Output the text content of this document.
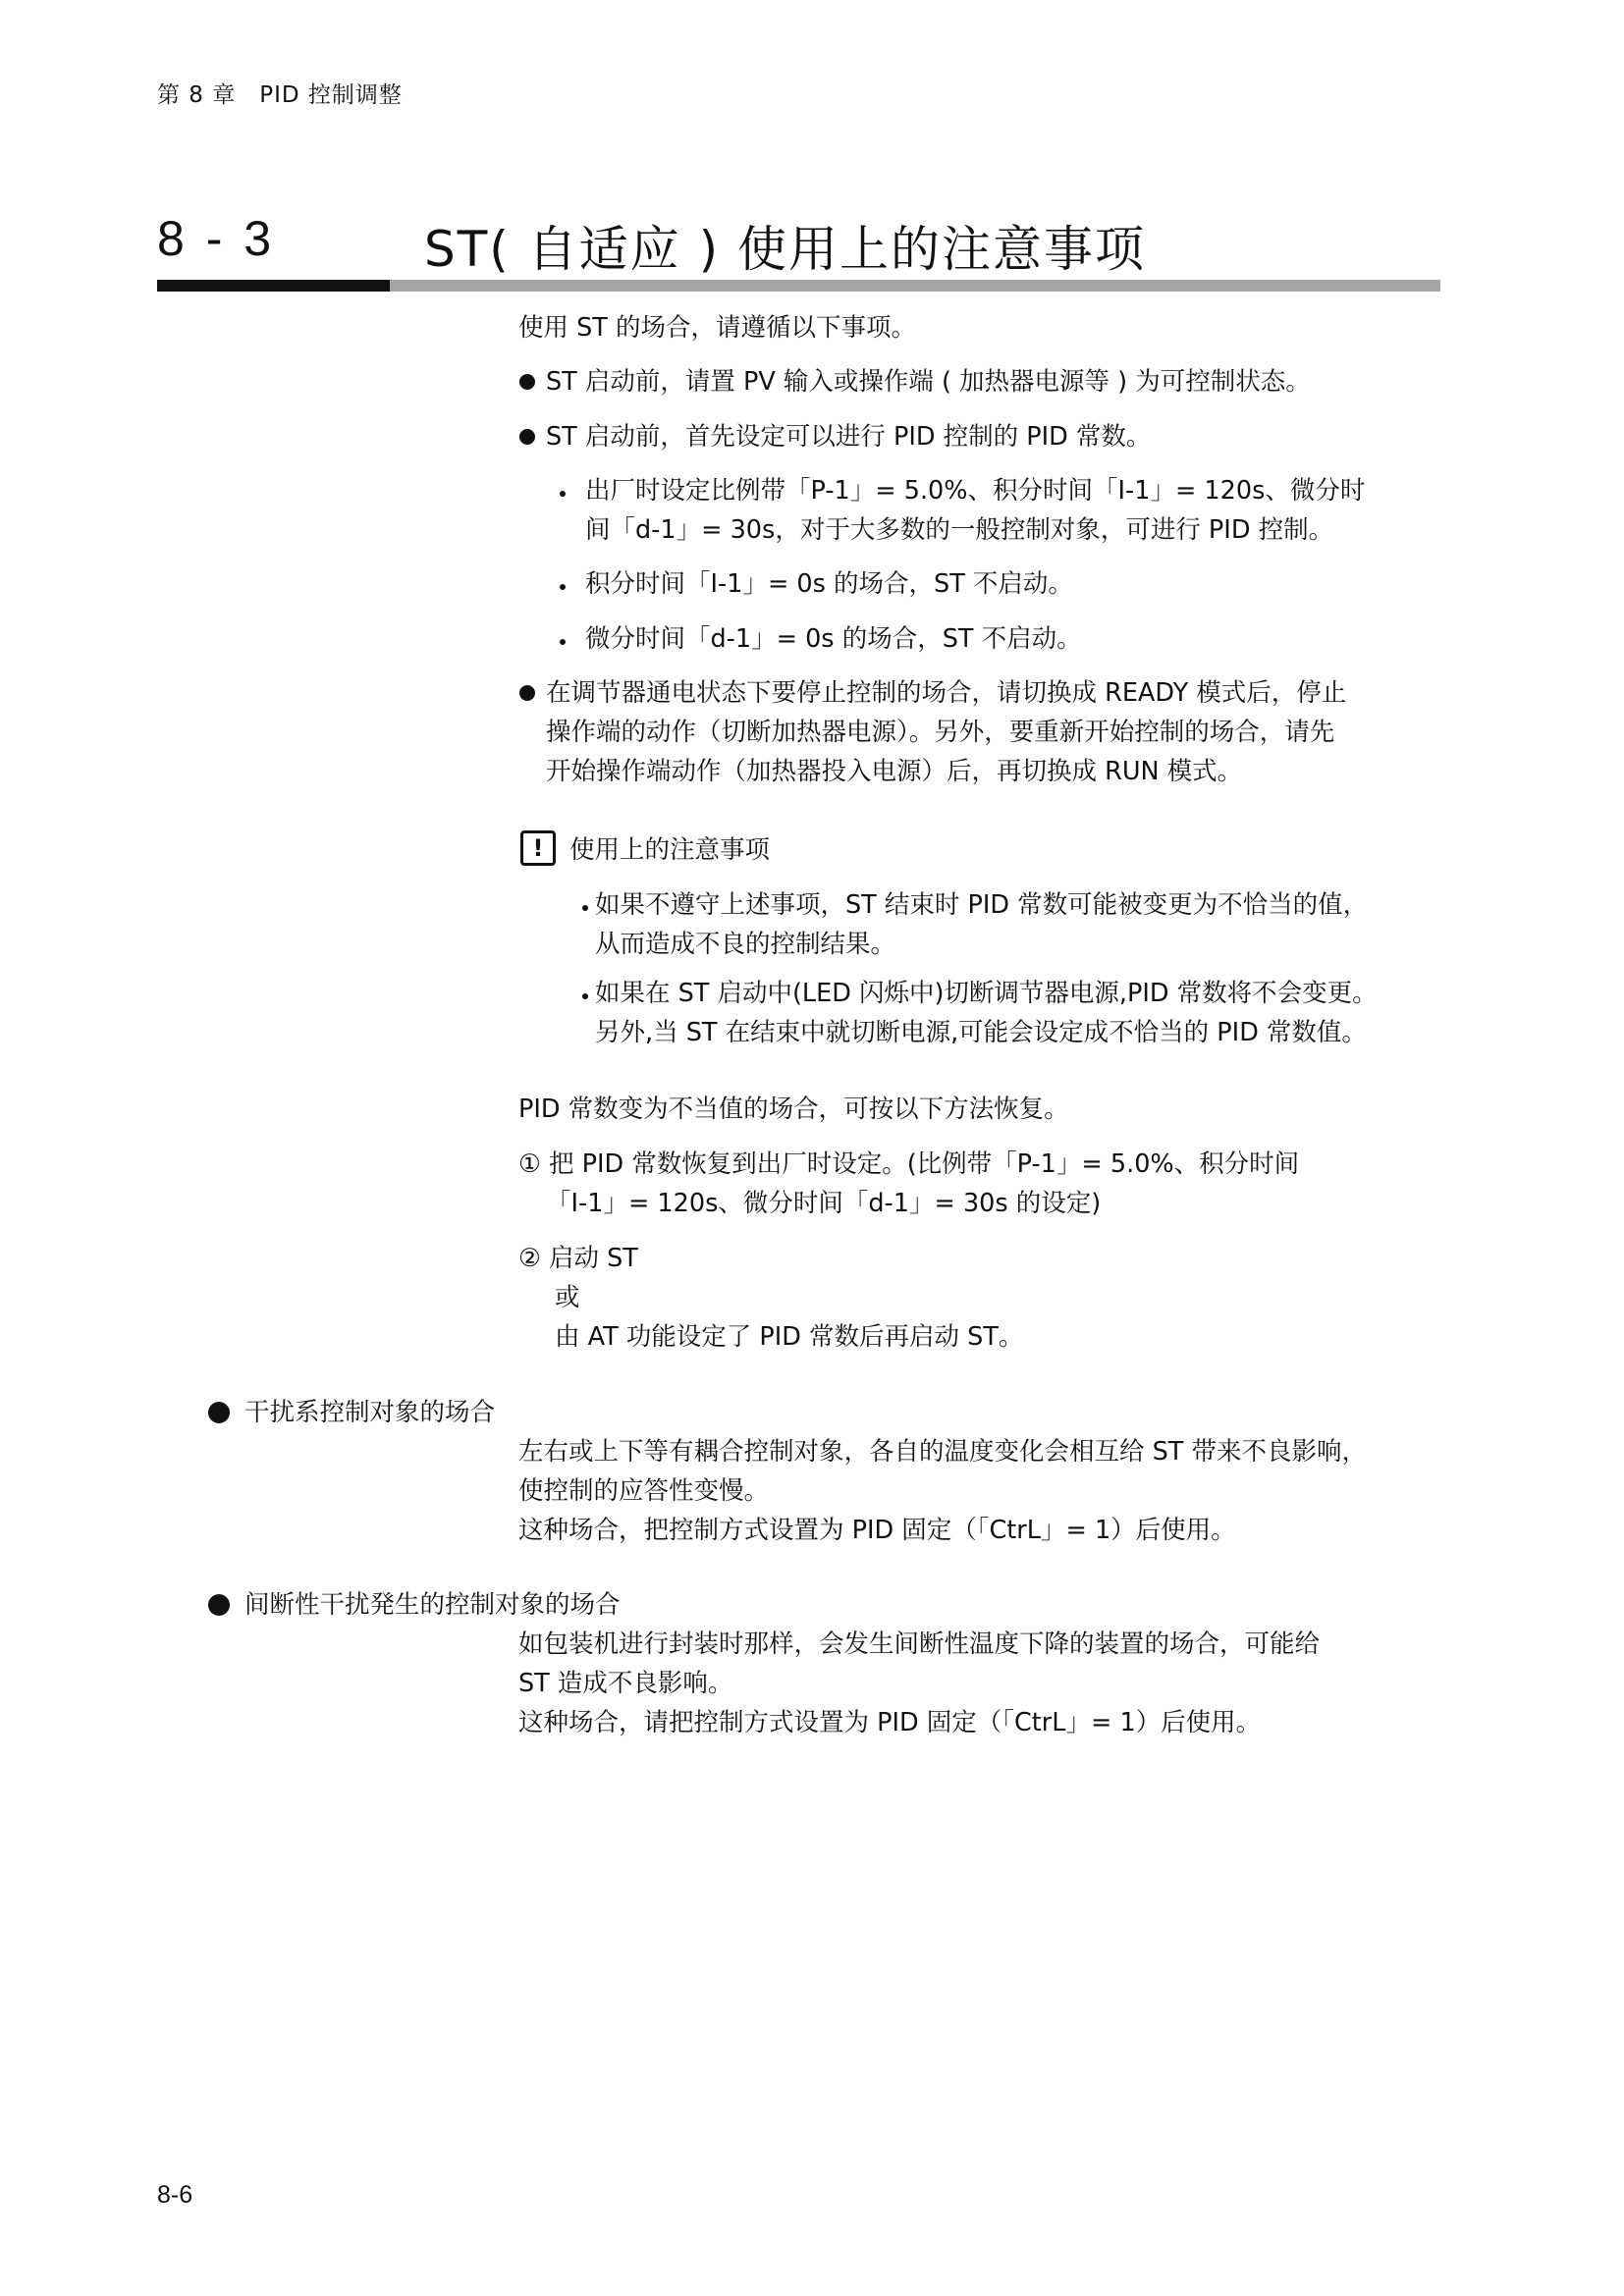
第 8 章　PID 控制调整
8 - 3	ST( 自适应 ) 使用上的注意事项
使用 ST 的场合，请遵循以下事项。
ST 启动前，请置 PV 输入或操作端 ( 加热器电源等 ) 为可控制状态。
ST 启动前，首先设定可以进行 PID 控制的 PID 常数。
出厂时设定比例带「P-1」= 5.0%、积分时间「I-1」= 120s、微分时
间「d-1」= 30s，对于大多数的一般控制对象，可进行 PID 控制。
积分时间「I-1」= 0s 的场合，ST 不启动。
微分时间「d-1」= 0s 的场合，ST 不启动。
在调节器通电状态下要停止控制的场合，请切换成 READY 模式后，停止
操作端的动作（切断加热器电源）。另外，要重新开始控制的场合，请先
开始操作端动作（加热器投入电源）后，再切换成 RUN 模式。
!	使用上的注意事项
如果不遵守上述事项，ST 结束时 PID 常数可能被变更为不恰当的值，
从而造成不良的控制结果。
如果在 ST 启动中(LED 闪烁中)切断调节器电源,PID 常数将不会变更。
另外,当 ST 在结束中就切断电源,可能会设定成不恰当的 PID 常数值。
PID 常数变为不当值的场合，可按以下方法恢复。
① 把 PID 常数恢复到出厂时设定。(比例带「P-1」= 5.0%、积分时间
「I-1」= 120s、微分时间「d-1」= 30s 的设定)
② 启动 ST
或
由 AT 功能设定了 PID 常数后再启动 ST。
干扰系控制对象的场合
左右或上下等有耦合控制对象，各自的温度变化会相互给 ST 带来不良影响，
使控制的应答性变慢。
这种场合，把控制方式设置为 PID 固定（「CtrL」= 1）后使用。
间断性干扰発生的控制对象的场合
如包装机进行封装时那样，会发生间断性温度下降的装置的场合，可能给
ST 造成不良影响。
这种场合，请把控制方式设置为 PID 固定（「CtrL」= 1）后使用。
8-6
